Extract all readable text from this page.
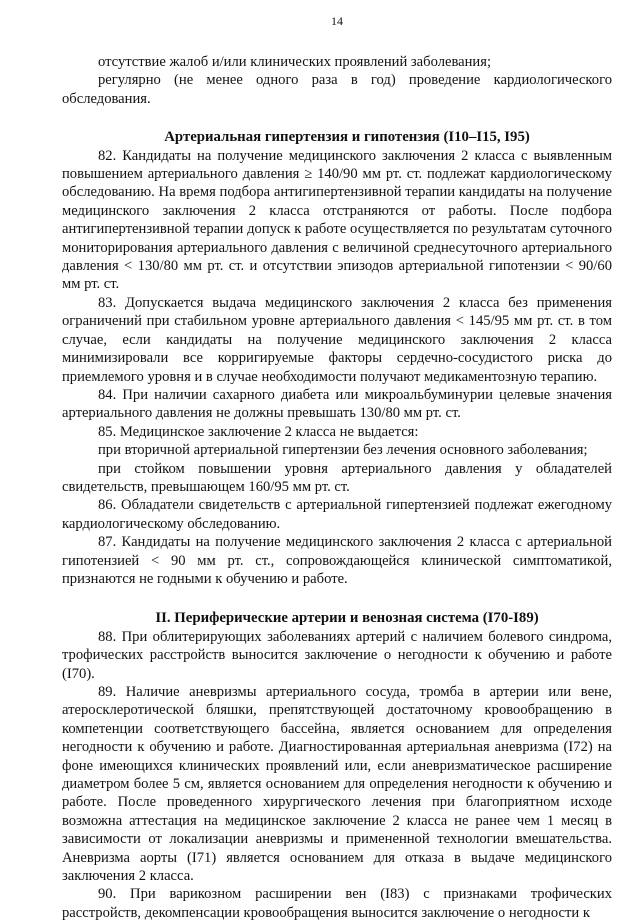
14

отсутствие жалоб и/или клинических проявлений заболевания;

регулярно (не менее одного раза в год) проведение кардиологического обследования.

Артериальная гипертензия и гипотензия (I10–I15, I95)

82. Кандидаты на получение медицинского заключения 2 класса с выявленным повышением артериального давления ≥ 140/90 мм рт. ст. подлежат кардиологическому обследованию. На время подбора антигипертензивной терапии кандидаты на получение медицинского заключения 2 класса отстраняются от работы. После подбора антигипертензивной терапии допуск к работе осуществляется по результатам суточного мониторирования артериального давления с величиной среднесуточного артериального давления < 130/80 мм рт. ст. и отсутствии эпизодов артериальной гипотензии < 90/60 мм рт. ст.

83. Допускается выдача медицинского заключения 2 класса без применения ограничений при стабильном уровне артериального давления < 145/95 мм рт. ст. в том случае, если кандидаты на получение медицинского заключения 2 класса минимизировали все корригируемые факторы сердечно-сосудистого риска до приемлемого уровня и в случае необходимости получают медикаментозную терапию.

84. При наличии сахарного диабета или микроальбуминурии целевые значения артериального давления не должны превышать 130/80 мм рт. ст.

85. Медицинское заключение 2 класса не выдается:

при вторичной артериальной гипертензии без лечения основного заболевания;

при стойком повышении уровня артериального давления у обладателей свидетельств, превышающем 160/95 мм рт. ст.

86. Обладатели свидетельств с артериальной гипертензией подлежат ежегодному кардиологическому обследованию.

87. Кандидаты на получение медицинского заключения 2 класса с артериальной гипотензией < 90 мм рт. ст., сопровождающейся клинической симптоматикой, признаются не годными к обучению и работе.

II. Периферические артерии и венозная система (I70-I89)

88. При облитерирующих заболеваниях артерий с наличием болевого синдрома, трофических расстройств выносится заключение о негодности к обучению и работе (I70).

89. Наличие аневризмы артериального сосуда, тромба в артерии или вене, атеросклеротической бляшки, препятствующей достаточному кровообращению в компетенции соответствующего бассейна, является основанием для определения негодности к обучению и работе. Диагностированная артериальная аневризма (I72) на фоне имеющихся клинических проявлений или, если аневризматическое расширение диаметром более 5 см, является основанием для определения негодности к обучению и работе. После проведенного хирургического лечения при благоприятном исходе возможна аттестация на медицинское заключение 2 класса не ранее чем 1 месяц в зависимости от локализации аневризмы и примененной технологии вмешательства. Аневризма аорты (I71) является основанием для отказа в выдаче медицинского заключения 2 класса.

90. При варикозном расширении вен (I83) с признаками трофических расстройств, декомпенсации кровообращения выносится заключение о негодности к
